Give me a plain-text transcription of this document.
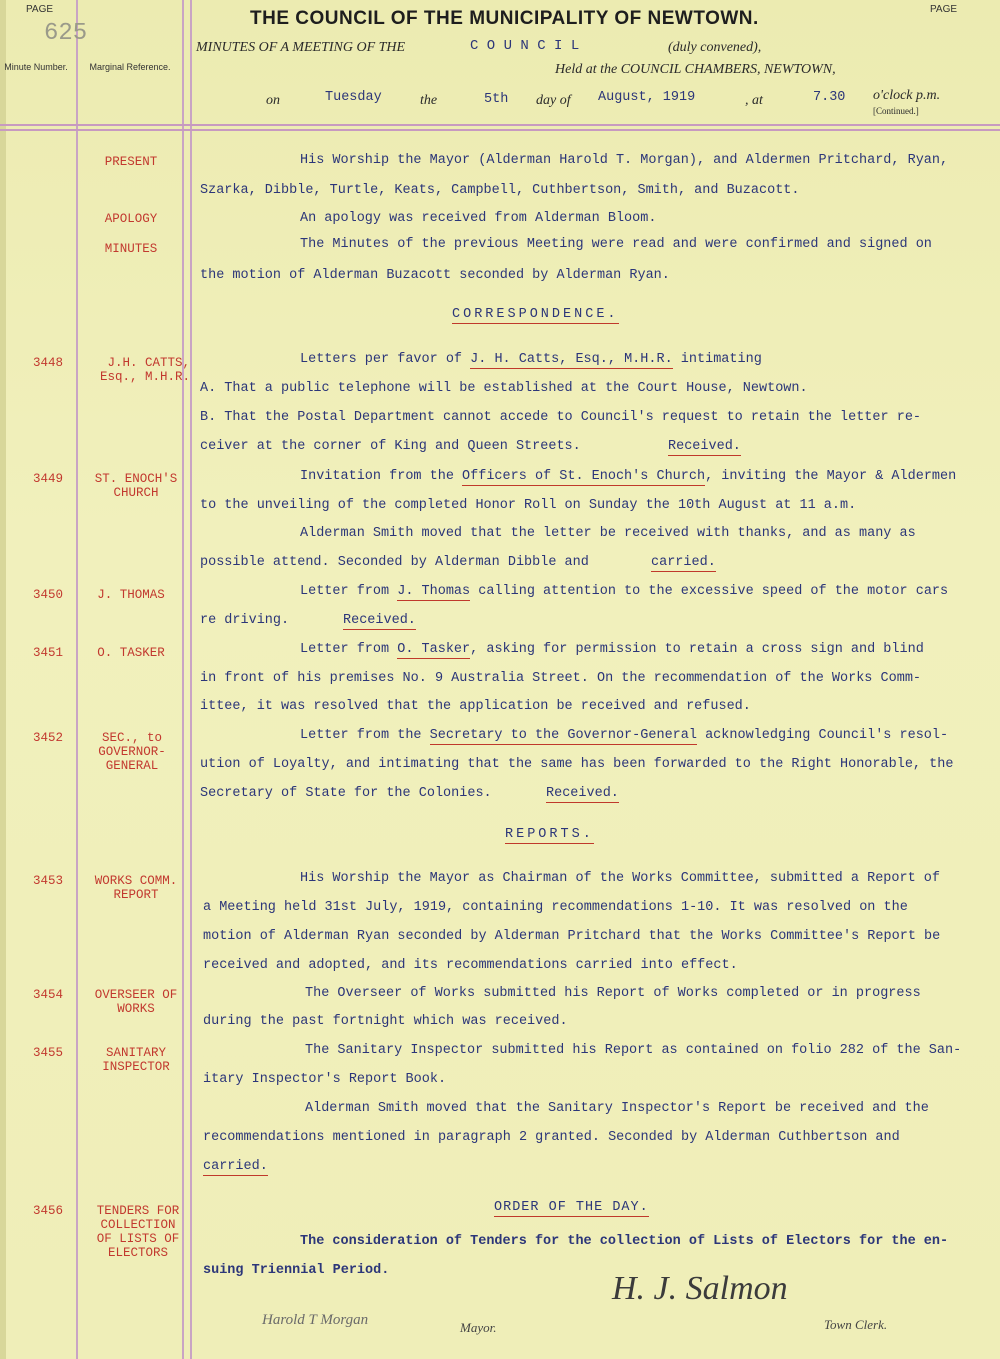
PAGE	PAGE
625
Minute Number.	Marginal Reference.
THE COUNCIL OF THE MUNICIPALITY OF NEWTOWN.
MINUTES OF A MEETING OF THE	C O U N C I L	(duly convened),
Held at the COUNCIL CHAMBERS, NEWTOWN,
on	Tuesday	the	5th day of August, 1919	, at	7.30 o'clock p.m.
[Continued.]
PRESENT	His Worship the Mayor (Alderman Harold T. Morgan), and Aldermen Pritchard, Ryan,
Szarka, Dibble, Turtle, Keats, Campbell, Cuthbertson, Smith, and Buzacott.
APOLOGY	An apology was received from Alderman Bloom.
MINUTES	The Minutes of the previous Meeting were read and were confirmed and signed on
the motion of Alderman Buzacott seconded by Alderman Ryan.
CORRESPONDENCE.
3448	J.H. CATTS, Esq., M.H.R.
Letters per favor of J. H. Catts, Esq., M.H.R. intimating
A. That a public telephone will be established at the Court House, Newtown.
B. That the Postal Department cannot accede to Council's request to retain the letter re-
ceiver at the corner of King and Queen Streets.	Received.
3449	ST. ENOCH'S CHURCH
Invitation from the Officers of St. Enoch's Church, inviting the Mayor & Aldermen
to the unveiling of the completed Honor Roll on Sunday the 10th August at 11 a.m.
Alderman Smith moved that the letter be received with thanks, and as many as
possible attend. Seconded by Alderman Dibble and	carried.
3450	J. THOMAS	Letter from J. Thomas calling attention to the excessive speed of the motor cars
re driving.	Received.
3451	O. TASKER	Letter from O. Tasker, asking for permission to retain a cross sign and blind
in front of his premises No. 9 Australia Street. On the recommendation of the Works Comm-
ittee, it was resolved that the application be received and refused.
3452	SEC., to GOVERNOR-GENERAL
Letter from the Secretary to the Governor-General acknowledging Council's resol-
ution of Loyalty, and intimating that the same has been forwarded to the Right Honorable, the
Secretary of State for the Colonies.	Received.
REPORTS.
3453	WORKS COMM. REPORT
His Worship the Mayor as Chairman of the Works Committee, submitted a Report of
a Meeting held 31st July, 1919, containing recommendations 1-10. It was resolved on the
motion of Alderman Ryan seconded by Alderman Pritchard that the Works Committee's Report be
received and adopted, and its recommendations carried into effect.
3454	OVERSEER OF WORKS
The Overseer of Works submitted his Report of Works completed or in progress
during the past fortnight which was received.
3455	SANITARY INSPECTOR
The Sanitary Inspector submitted his Report as contained on folio 282 of the San-
itary Inspector's Report Book.
Alderman Smith moved that the Sanitary Inspector's Report be received and the
recommendations mentioned in paragraph 2 granted. Seconded by Alderman Cuthbertson and
carried.
ORDER OF THE DAY.
3456	TENDERS FOR COLLECTION OF LISTS OF ELECTORS
The consideration of Tenders for the collection of Lists of Electors for the en-
suing Triennial Period.
Harold T Morgan	Mayor.
H. J. Salmon
Town Clerk.
